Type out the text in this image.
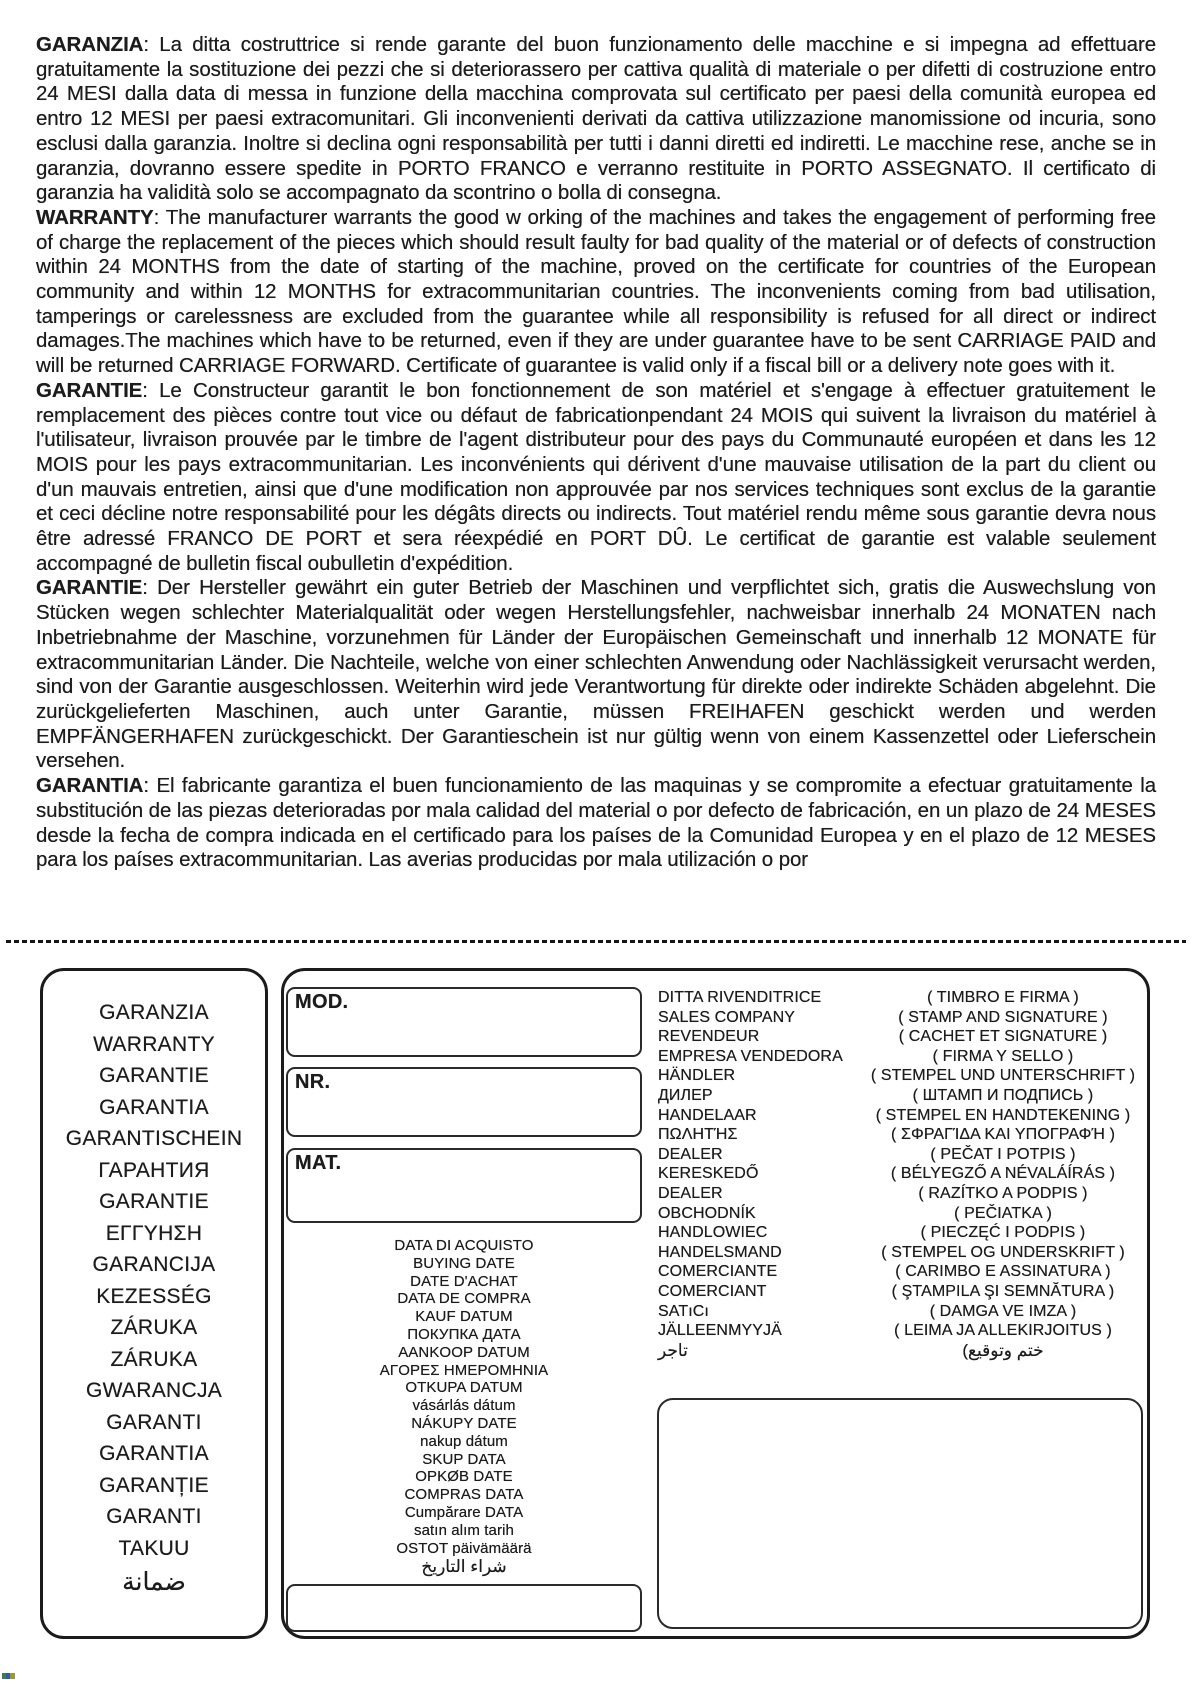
GARANZIA: La ditta costruttrice si rende garante del buon funzionamento delle macchine e si impegna ad effettuare gratuitamente la sostituzione dei pezzi che si deteriorassero per cattiva qualità di materiale o per difetti di costruzione entro 24 MESI dalla data di messa in funzione della macchina comprovata sul certificato per paesi della comunità europea ed entro 12 MESI per paesi extracomunitari. Gli inconvenienti derivati da cattiva utilizzazione manomissione od incuria, sono esclusi dalla garanzia. Inoltre si declina ogni responsabilità per tutti i danni diretti ed indiretti. Le macchine rese, anche se in garanzia, dovranno essere spedite in PORTO FRANCO e verranno restituite in PORTO ASSEGNATO. Il certificato di garanzia ha validità solo se accompagnato da scontrino o bolla di consegna.

WARRANTY: The manufacturer warrants the good w orking of the machines and takes the engagement of performing free of charge the replacement of the pieces which should result faulty for bad quality of the material or of defects of construction within 24 MONTHS from the date of starting of the machine, proved on the certificate for countries of the European community and within 12 MONTHS for extracommunitarian countries. The inconvenients coming from bad utilisation, tamperings or carelessness are excluded from the guarantee while all responsibility is refused for all direct or indirect damages.The machines which have to be returned, even if they are under guarantee have to be sent CARRIAGE PAID and will be returned CARRIAGE FORWARD. Certificate of guarantee is valid only if a fiscal bill or a delivery note goes with it.

GARANTIE: Le Constructeur garantit le bon fonctionnement de son matériel et s'engage à effectuer gratuitement le remplacement des pièces contre tout vice ou défaut de fabricationpendant 24 MOIS qui suivent la livraison du matériel à l'utilisateur, livraison prouvée par le timbre de l'agent distributeur pour des pays du Communauté européen et dans les 12 MOIS pour les pays extracommunitarian. Les inconvénients qui dérivent d'une mauvaise utilisation de la part du client ou d'un mauvais entretien, ainsi que d'une modification non approuvée par nos services techniques sont exclus de la garantie et ceci décline notre responsabilité pour les dégâts directs ou indirects. Tout matériel rendu même sous garantie devra nous être adressé FRANCO DE PORT et sera réexpédié en PORT DÛ. Le certificat de garantie est valable seulement accompagné de bulletin fiscal oubulletin d'expédition.

GARANTIE: Der Hersteller gewährt ein guter Betrieb der Maschinen und verpflichtet sich, gratis die Auswechslung von Stücken wegen schlechter Materialqualität oder wegen Herstellungsfehler, nachweisbar innerhalb 24 MONATEN nach Inbetriebnahme der Maschine, vorzunehmen für Länder der Europäischen Gemeinschaft und innerhalb 12 MONATE für extracommunitarian Länder. Die Nachteile, welche von einer schlechten Anwendung oder Nachlässigkeit verursacht werden, sind von der Garantie ausgeschlossen. Weiterhin wird jede Verantwortung für direkte oder indirekte Schäden abgelehnt. Die zurückgelieferten Maschinen, auch unter Garantie, müssen FREIHAFEN geschickt werden und werden EMPFÄNGERHAFEN zurückgeschickt. Der Garantieschein ist nur gültig wenn von einem Kassenzettel oder Lieferschein versehen.

GARANTIA: El fabricante garantiza el buen funcionamiento de las maquinas y se compromite a efectuar gratuitamente la substitución de las piezas deterioradas por mala calidad del material o por defecto de fabricación, en un plazo de 24 MESES desde la fecha de compra indicada en el certificado para los países de la Comunidad Europea y en el plazo de 12 MESES para los países extracommunitarian. Las averias producidas por mala utilización o por

GARANZIA
WARRANTY
GARANTIE
GARANTIA
GARANTISCHEIN
ГАРАНТИЯ
GARANTIE
ΕΓΓΥΗΣΗ
GARANCIJA
KEZESSÉG
ZÁRUKA
ZÁRUKA
GWARANCJA
GARANTI
GARANTIA
GARANȚIE
GARANTI
TAKUU
ضمانة
MOD.
NR.
MAT.
DATA DI ACQUISTO
BUYING DATE
DATE D'ACHAT
DATA DE COMPRA
KAUF DATUM
ПОКУПКА ДАТА
AANKOOP DATUM
ΑΓΟΡΕΣ ΗΜΕΡΟΜΗΝΙΑ
OTKUPA DATUM
vásárlás dátum
NÁKUPY DATE
nakup dátum
SKUP DATA
OPKØB DATE
COMPRAS DATA
Cumpărare DATA
satın alım tarih
OSTOT päivämäärä
شراء التاريخ
DITTA RIVENDITRICE
SALES COMPANY
REVENDEUR
EMPRESA VENDEDORA
HÄNDLER
ДИЛЕР
HANDELAAR
ΠΩΛΗΤΉΣ
DEALER
KERESKEDŐ
DEALER
OBCHODNÍK
HANDLOWIEC
HANDELSMAND
COMERCIANTE
COMERCIANT
SATıCı
JÄLLEENMYYJÄ
تاجر
( TIMBRO E FIRMA )
( STAMP AND SIGNATURE )
( CACHET ET SIGNATURE )
( FIRMA Y SELLO )
( STEMPEL UND UNTERSCHRIFT )
( ШТАМП И ПОДПИСЬ )
( STEMPEL EN HANDTEKENING )
( ΣΦΡΑΓΊΔΑ ΚΑΙ ΥΠΟΓΡΑΦΉ )
( PEČAT I POTPIS )
( BÉLYEGZŐ A NÉVALÁÍRÁS )
( RAZÍTKO A PODPIS )
( PEČIATKA )
( PIECZĘĆ I PODPIS )
( STEMPEL OG UNDERSKRIFT )
( CARIMBO E ASSINATURA )
( ŞTAMPILA ŞI SEMNĂTURA )
( DAMGA VE IMZA )
( LEIMA JA ALLEKIRJOITUS )
(ختم وتوقيع
